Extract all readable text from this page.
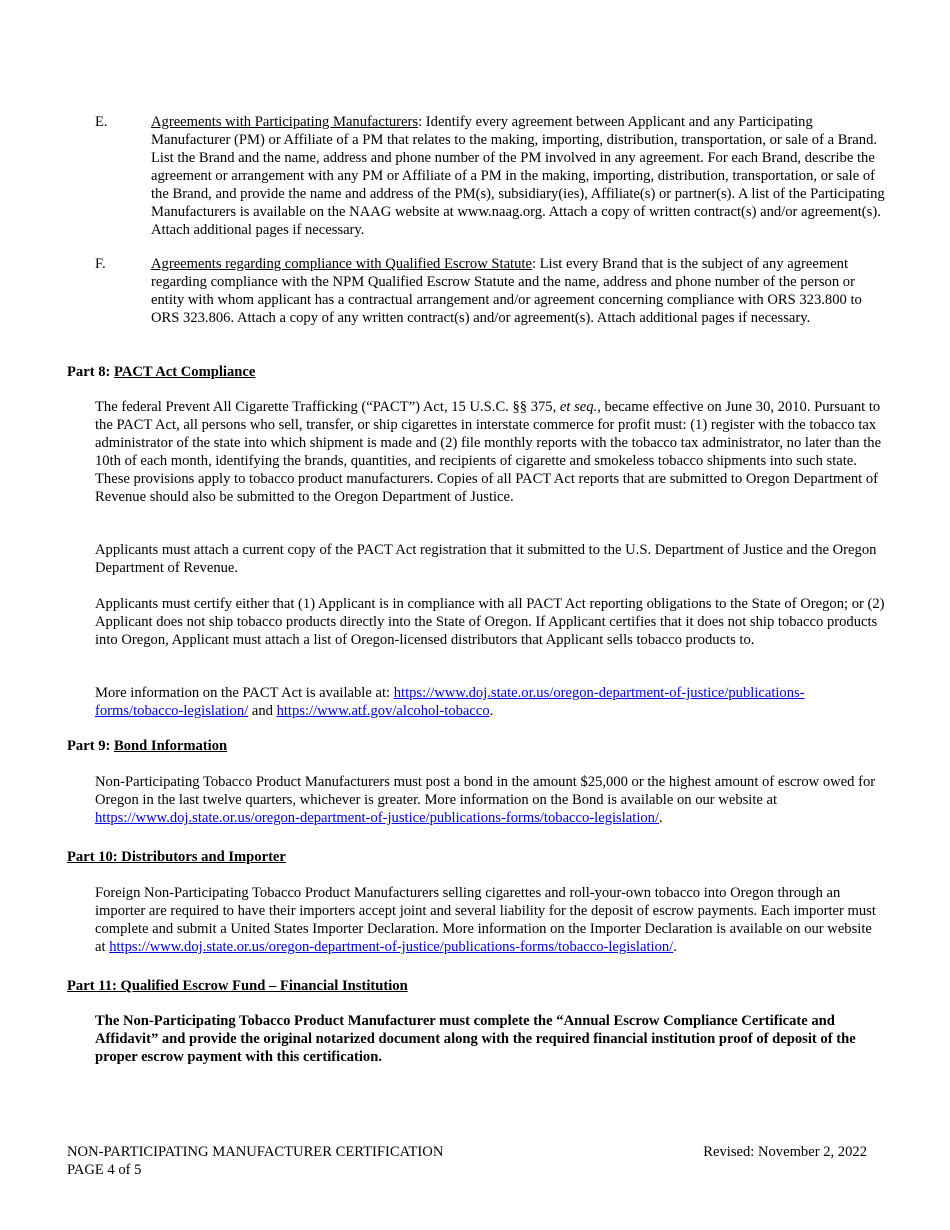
E.	Agreements with Participating Manufacturers: Identify every agreement between Applicant and any Participating Manufacturer (PM) or Affiliate of a PM that relates to the making, importing, distribution, transportation, or sale of a Brand. List the Brand and the name, address and phone number of the PM involved in any agreement. For each Brand, describe the agreement or arrangement with any PM or Affiliate of a PM in the making, importing, distribution, transportation, or sale of the Brand, and provide the name and address of the PM(s), subsidiary(ies), Affiliate(s) or partner(s). A list of the Participating Manufacturers is available on the NAAG website at www.naag.org. Attach a copy of written contract(s) and/or agreement(s). Attach additional pages if necessary.
F.	Agreements regarding compliance with Qualified Escrow Statute: List every Brand that is the subject of any agreement regarding compliance with the NPM Qualified Escrow Statute and the name, address and phone number of the person or entity with whom applicant has a contractual arrangement and/or agreement concerning compliance with ORS 323.800 to ORS 323.806. Attach a copy of any written contract(s) and/or agreement(s). Attach additional pages if necessary.
Part 8: PACT Act Compliance
The federal Prevent All Cigarette Trafficking (“PACT”) Act, 15 U.S.C. §§ 375, et seq., became effective on June 30, 2010. Pursuant to the PACT Act, all persons who sell, transfer, or ship cigarettes in interstate commerce for profit must: (1) register with the tobacco tax administrator of the state into which shipment is made and (2) file monthly reports with the tobacco tax administrator, no later than the 10th of each month, identifying the brands, quantities, and recipients of cigarette and smokeless tobacco shipments into such state. These provisions apply to tobacco product manufacturers. Copies of all PACT Act reports that are submitted to Oregon Department of Revenue should also be submitted to the Oregon Department of Justice.
Applicants must attach a current copy of the PACT Act registration that it submitted to the U.S. Department of Justice and the Oregon Department of Revenue.
Applicants must certify either that (1) Applicant is in compliance with all PACT Act reporting obligations to the State of Oregon; or (2) Applicant does not ship tobacco products directly into the State of Oregon. If Applicant certifies that it does not ship tobacco products into Oregon, Applicant must attach a list of Oregon-licensed distributors that Applicant sells tobacco products to.
More information on the PACT Act is available at: https://www.doj.state.or.us/oregon-department-of-justice/publications-forms/tobacco-legislation/ and https://www.atf.gov/alcohol-tobacco.
Part 9: Bond Information
Non-Participating Tobacco Product Manufacturers must post a bond in the amount $25,000 or the highest amount of escrow owed for Oregon in the last twelve quarters, whichever is greater. More information on the Bond is available on our website at https://www.doj.state.or.us/oregon-department-of-justice/publications-forms/tobacco-legislation/.
Part 10: Distributors and Importer
Foreign Non-Participating Tobacco Product Manufacturers selling cigarettes and roll-your-own tobacco into Oregon through an importer are required to have their importers accept joint and several liability for the deposit of escrow payments. Each importer must complete and submit a United States Importer Declaration. More information on the Importer Declaration is available on our website at https://www.doj.state.or.us/oregon-department-of-justice/publications-forms/tobacco-legislation/.
Part 11: Qualified Escrow Fund – Financial Institution
The Non-Participating Tobacco Product Manufacturer must complete the “Annual Escrow Compliance Certificate and Affidavit” and provide the original notarized document along with the required financial institution proof of deposit of the proper escrow payment with this certification.
NON-PARTICIPATING MANUFACTURER CERTIFICATION
PAGE 4 of 5
Revised: November 2, 2022
